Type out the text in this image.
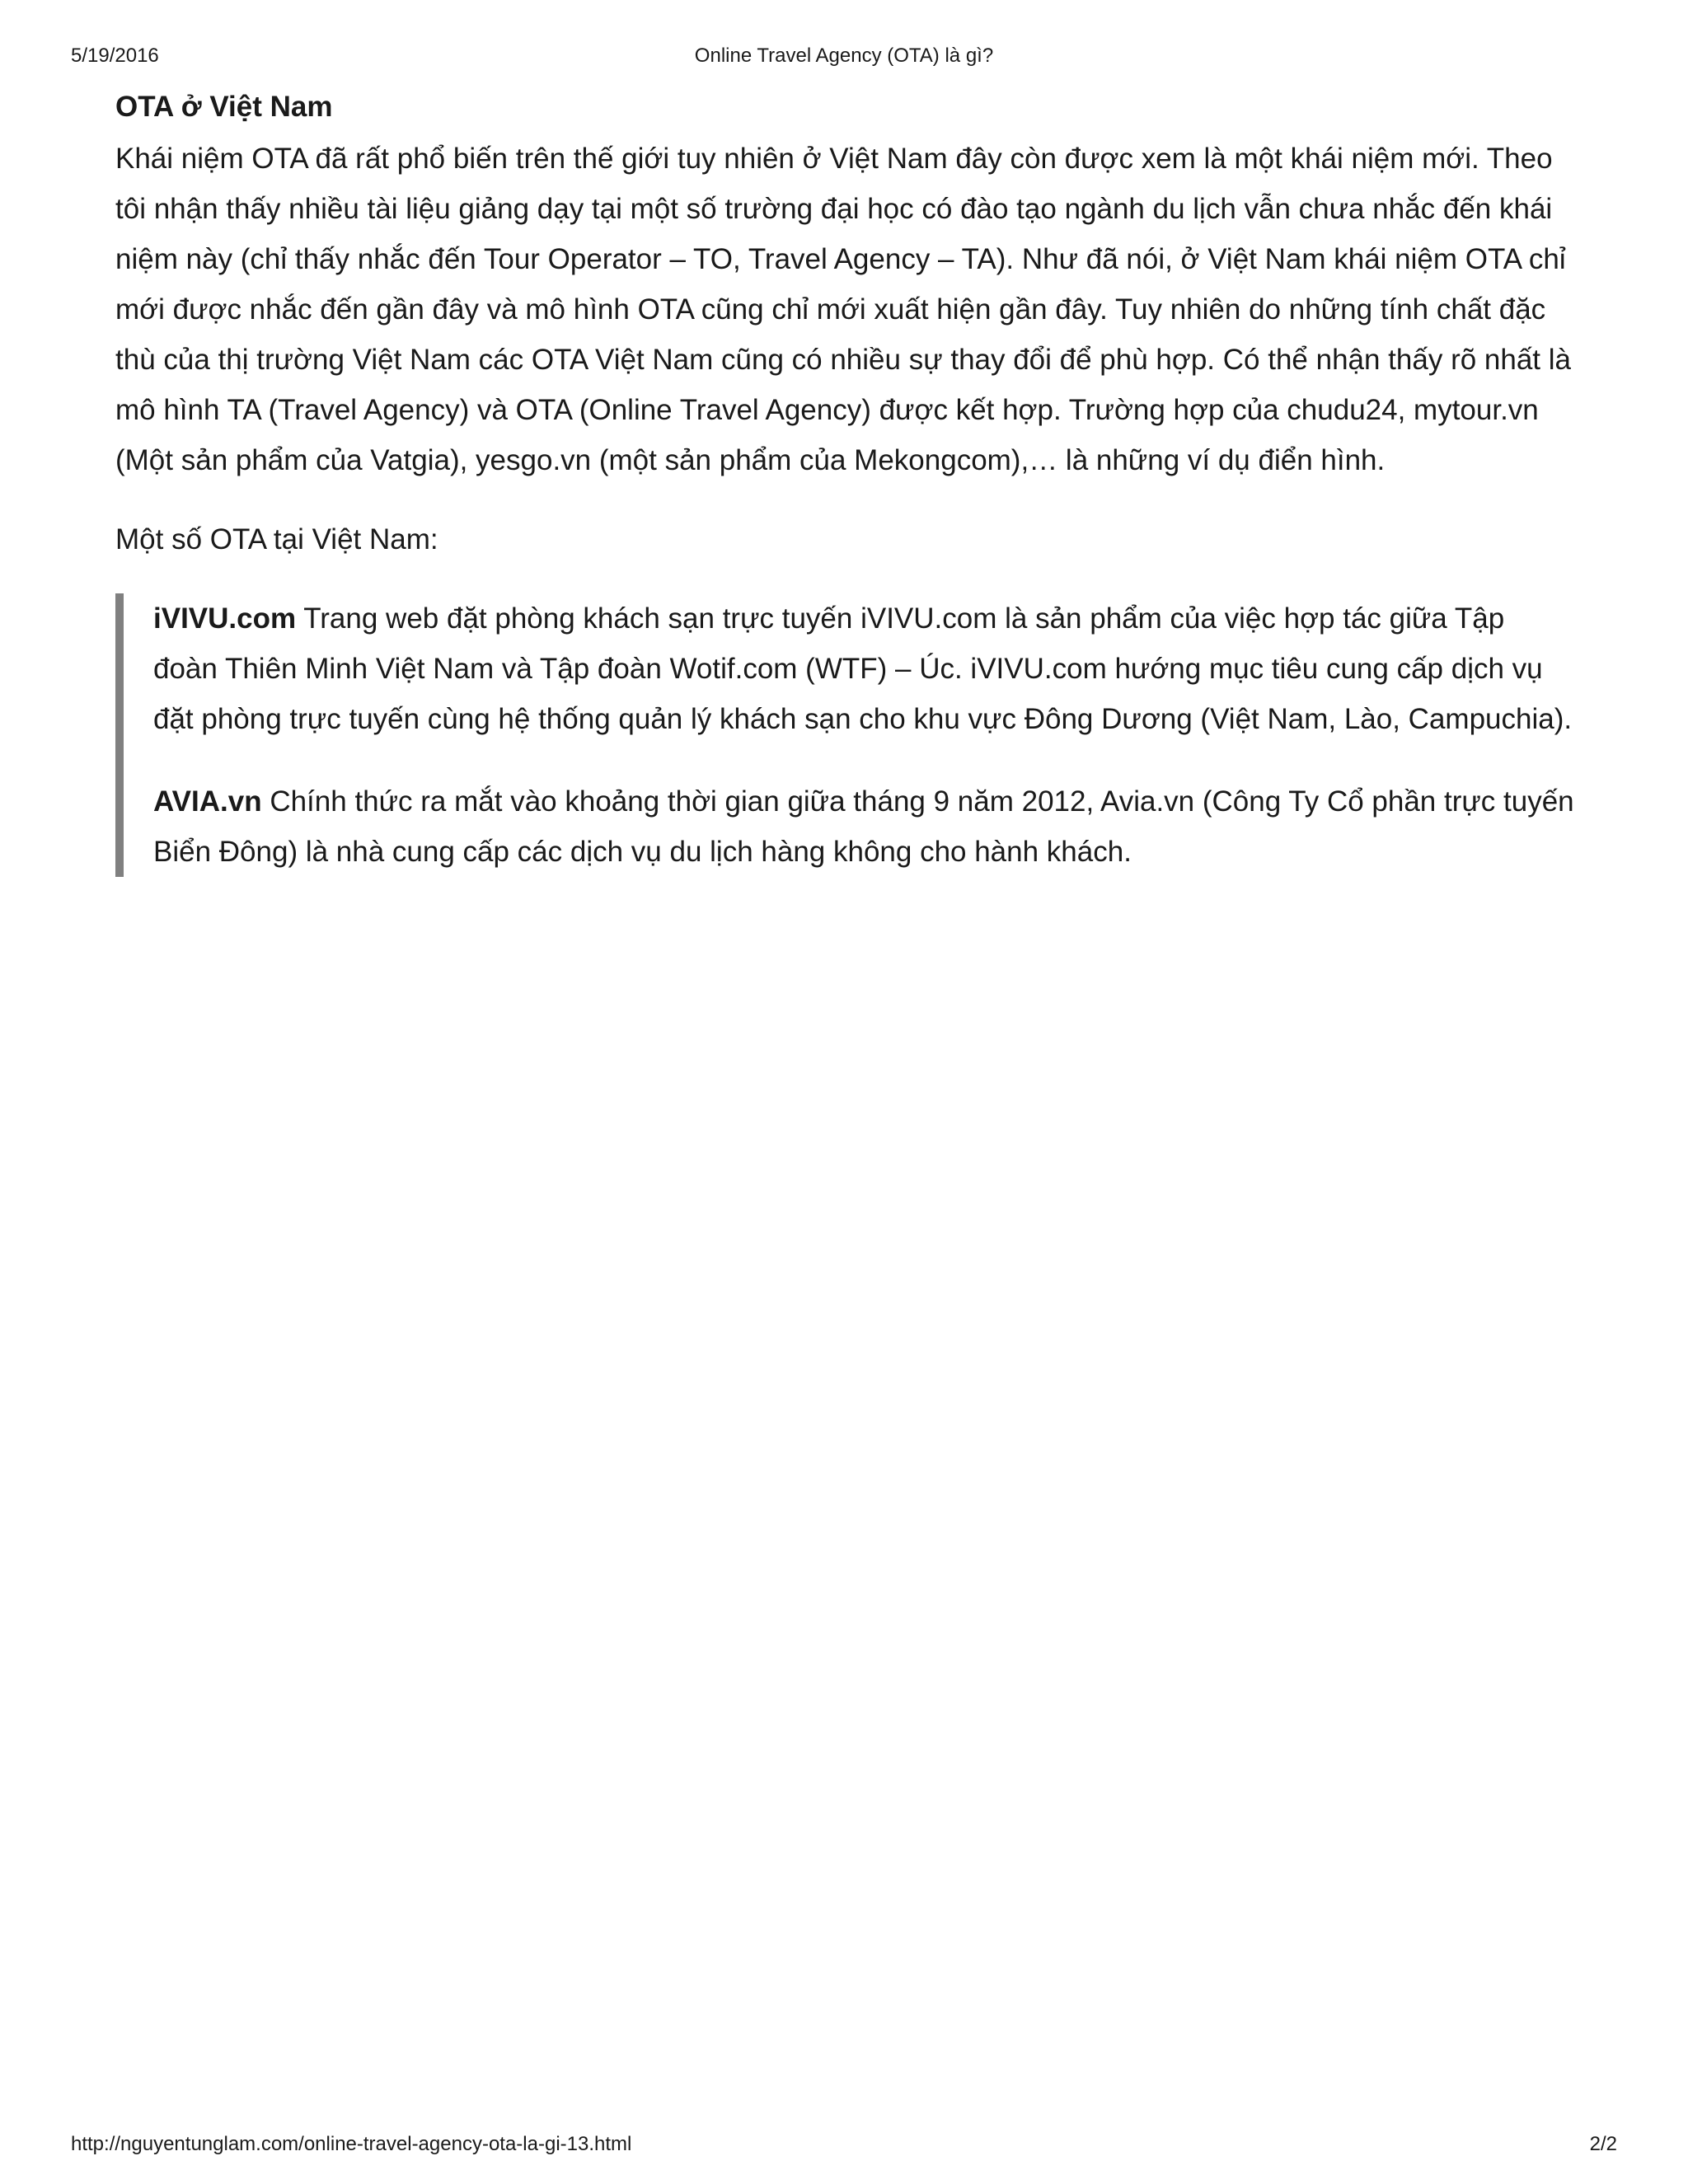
5/19/2016	Online Travel Agency (OTA) là gì?
OTA ở Việt Nam

Khái niệm OTA đã rất phổ biến trên thế giới tuy nhiên ở Việt Nam đây còn được xem là một khái niệm mới. Theo tôi nhận thấy nhiều tài liệu giảng dạy tại một số trường đại học có đào tạo ngành du lịch vẫn chưa nhắc đến khái niệm này (chỉ thấy nhắc đến Tour Operator – TO, Travel Agency – TA). Như đã nói, ở Việt Nam khái niệm OTA chỉ mới được nhắc đến gần đây và mô hình OTA cũng chỉ mới xuất hiện gần đây. Tuy nhiên do những tính chất đặc thù của thị trường Việt Nam các OTA Việt Nam cũng có nhiều sự thay đổi để phù hợp. Có thể nhận thấy rõ nhất là mô hình TA (Travel Agency) và OTA (Online Travel Agency) được kết hợp. Trường hợp của chudu24, mytour.vn (Một sản phẩm của Vatgia), yesgo.vn (một sản phẩm của Mekongcom),… là những ví dụ điển hình.

Một số OTA tại Việt Nam:

iVIVU.com Trang web đặt phòng khách sạn trực tuyến iVIVU.com là sản phẩm của việc hợp tác giữa Tập đoàn Thiên Minh Việt Nam và Tập đoàn Wotif.com (WTF) – Úc. iVIVU.com hướng mục tiêu cung cấp dịch vụ đặt phòng trực tuyến cùng hệ thống quản lý khách sạn cho khu vực Đông Dương (Việt Nam, Lào, Campuchia).

AVIA.vn Chính thức ra mắt vào khoảng thời gian giữa tháng 9 năm 2012, Avia.vn (Công Ty Cổ phần trực tuyến Biển Đông) là nhà cung cấp các dịch vụ du lịch hàng không cho hành khách.

http://nguyentunglam.com/online-travel-agency-ota-la-gi-13.html	2/2
